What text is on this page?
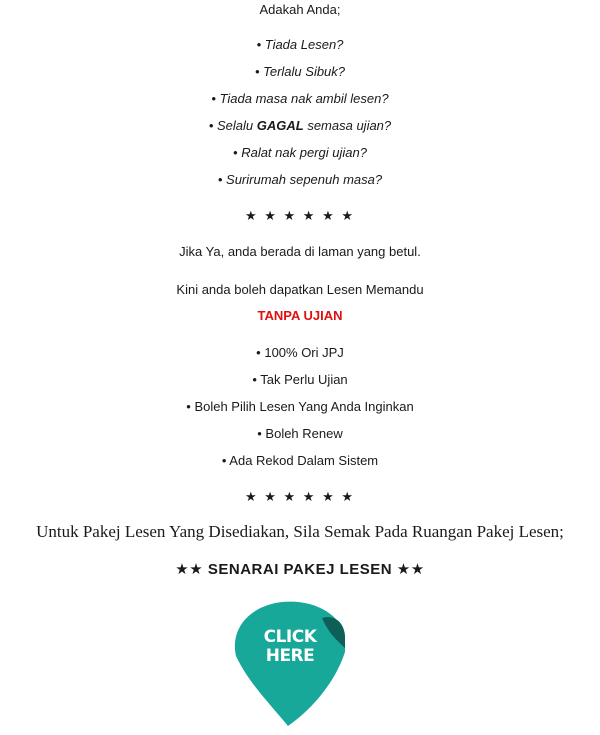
Adakah Anda;
• Tiada Lesen?
• Terlalu Sibuk?
• Tiada masa nak ambil lesen?
• Selalu GAGAL semasa ujian?
• Ralat nak pergi ujian?
• Surirumah sepenuh masa?
★ ★ ★ ★ ★ ★
Jika Ya, anda berada di laman yang betul.
Kini anda boleh dapatkan Lesen Memandu
TANPA UJIAN
• 100% Ori JPJ
• Tak Perlu Ujian
• Boleh Pilih Lesen Yang Anda Inginkan
• Boleh Renew
• Ada Rekod Dalam Sistem
★ ★ ★ ★ ★ ★
Untuk Pakej Lesen Yang Disediakan, Sila Semak Pada Ruangan Pakej Lesen;
★★ SENARAI PAKEJ LESEN ★★
CLICK
HERE
